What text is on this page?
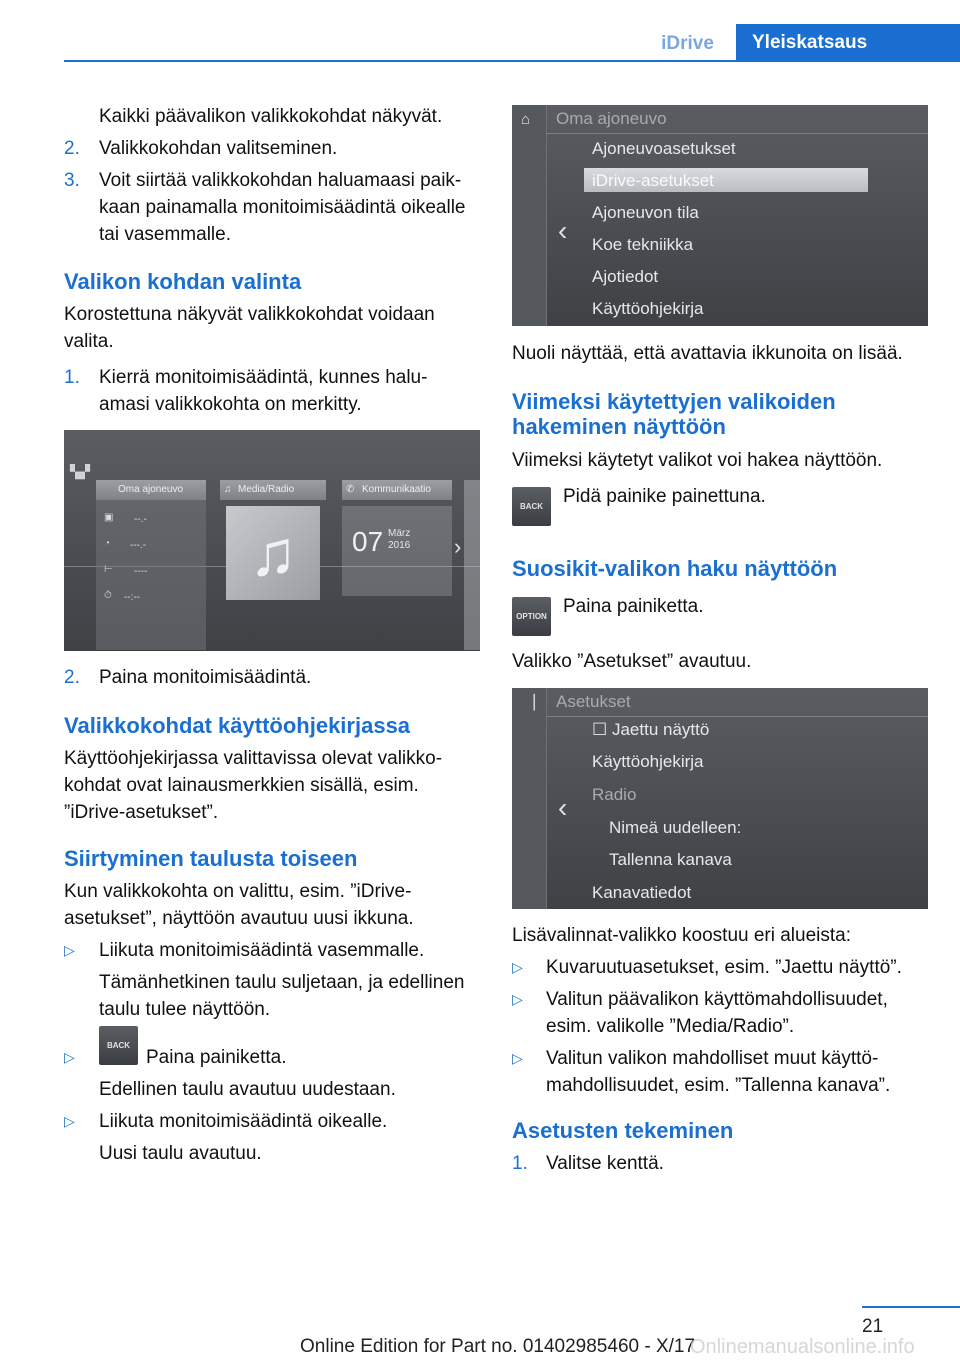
iDrive	Yleiskatsaus
Kaikki päävalikon valikkokohdat näkyvät.
2. Valikkokohdan valitseminen.
3. Voit siirtää valikkokohdan haluamaasi paik-
kaan painamalla monitoimisäädintä oikealle
tai vasemmalle.
Valikon kohdan valinta
Korostettuna näkyvät valikkokohdat voidaan
valita.
1. Kierrä monitoimisäädintä, kunnes halu-
amasi valikkokohta on merkitty.
▚▞
Oma ajoneuvo
▣ --.-
◔ ---.-
⊢ ----
⏱ --:--
Media/Radio
♫
♫
Kommunikaatio
✆
07 März
2016 ›
2. Paina monitoimisäädintä.
Valikkokohdat käyttöohjekirjassa
Käyttöohjekirjassa valittavissa olevat valikko-
kohdat ovat lainausmerkkien sisällä, esim.
”iDrive-asetukset”.
Siirtyminen taulusta toiseen
Kun valikkokohta on valittu, esim. ”iDrive-
asetukset”, näyttöön avautuu uusi ikkuna.
▷ Liikuta monitoimisäädintä vasemmalle.
Tämänhetkinen taulu suljetaan, ja edellinen
taulu tulee näyttöön.
▷
BACK
Paina painiketta.
Edellinen taulu avautuu uudestaan.
▷ Liikuta monitoimisäädintä oikealle.
Uusi taulu avautuu.
⌂
‹
Oma ajoneuvo
Ajoneuvoasetukset
iDrive-asetukset
Ajoneuvon tila
Koe tekniikka
Ajotiedot
Käyttöohjekirja
Nuoli näyttää, että avattavia ikkunoita on lisää.
Viimeksi käytettyjen valikoiden
hakeminen näyttöön
Viimeksi käytetyt valikot voi hakea näyttöön.
BACK	Pidä painike painettuna.
Suosikit-valikon haku näyttöön
OPTION Paina painiketta.
Valikko ”Asetukset” avautuu.
▕
‹
Asetukset
☐ Jaettu näyttö
Käyttöohjekirja
Radio
Nimeä uudelleen:
Tallenna kanava
Kanavatiedot
Lisävalinnat-valikko koostuu eri alueista:
▷ Kuvaruutuasetukset, esim. ”Jaettu näyttö”.
▷ Valitun päävalikon käyttömahdollisuudet,
esim. valikolle ”Media/Radio”.
▷ Valitun valikon mahdolliset muut käyttö-
mahdollisuudet, esim. ”Tallenna kanava”.
Asetusten tekeminen
1. Valitse kenttä.
21
Online Edition for Part no. 01402985460 - X/17
Onlinemanualsonline.info
